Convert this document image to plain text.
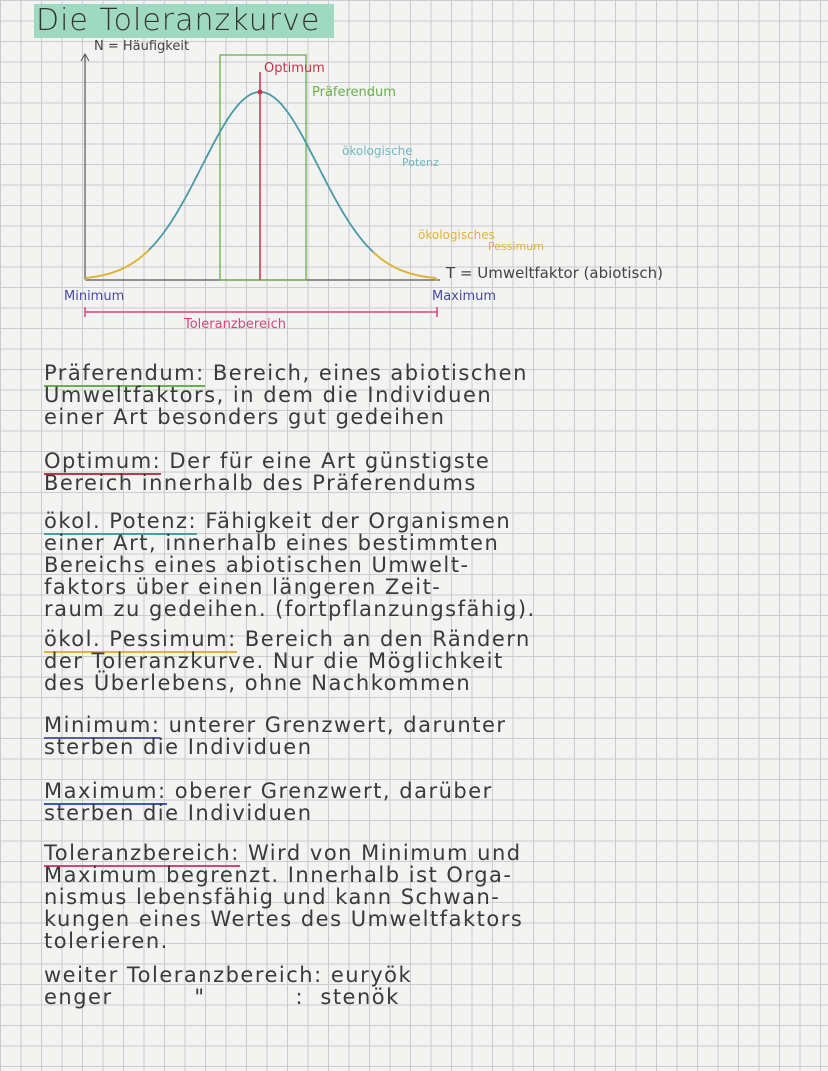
Die Toleranzkurve
N = Häufigkeit
Optimum
Präferendum
ökologische
Potenz
ökologisches
Pessimum
T = Umweltfaktor (abiotisch)
Minimum	Maximum
Toleranzbereich
Präferendum: Bereich, eines abiotischen
Umweltfaktors, in dem die Individuen
einer Art besonders gut gedeihen
Optimum: Der für eine Art günstigste
Bereich innerhalb des Präferendums
ökol. Potenz: Fähigkeit der Organismen
einer Art, innerhalb eines bestimmten
Bereichs eines abiotischen Umwelt-
faktors über einen längeren Zeit-
raum zu gedeihen. (fortpflanzungsfähig).
ökol. Pessimum: Bereich an den Rändern
der Toleranzkurve. Nur die Möglichkeit
des Überlebens, ohne Nachkommen
Minimum: unterer Grenzwert, darunter
sterben die Individuen
Maximum: oberer Grenzwert, darüber
sterben die Individuen
Toleranzbereich: Wird von Minimum und
Maximum begrenzt. Innerhalb ist Orga-
nismus lebensfähig und kann Schwan-
kungen eines Wertes des Umweltfaktors
tolerieren.
weiter Toleranzbereich: euryök
enger          "           :  stenök
